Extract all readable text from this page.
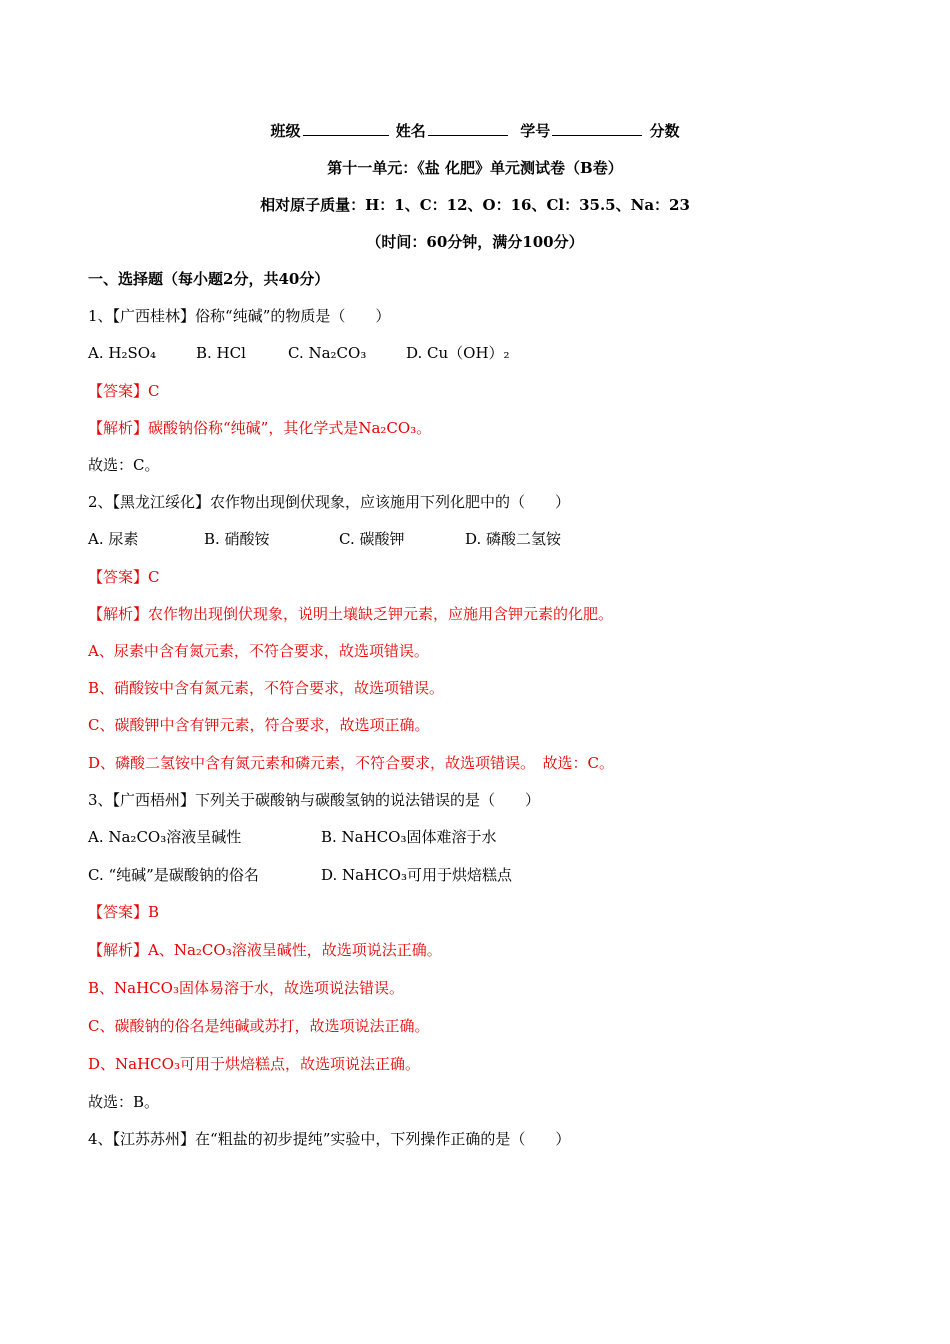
班级	姓名	学号	分数
第十一单元：《盐 化肥》单元测试卷（B卷）
相对原子质量：H：1、C：12、O：16、Cl：35.5、Na：23
（时间：60分钟，满分100分）
一、选择题（每小题2分，共40分）
1、【广西桂林】俗称“纯碱”的物质是（　　）
A. H₂SO₄	B. HCl	C. Na₂CO₃	D. Cu（OH）₂
【答案】C
【解析】碳酸钠俗称“纯碱”，其化学式是Na₂CO₃。
故选：C。
2、【黑龙江绥化】农作物出现倒伏现象，应该施用下列化肥中的（　　）
A. 尿素	B. 硝酸铵	C. 碳酸钾	D. 磷酸二氢铵
【答案】C
【解析】农作物出现倒伏现象，说明土壤缺乏钾元素，应施用含钾元素的化肥。
A、尿素中含有氮元素，不符合要求，故选项错误。
B、硝酸铵中含有氮元素，不符合要求，故选项错误。
C、碳酸钾中含有钾元素，符合要求，故选项正确。
D、磷酸二氢铵中含有氮元素和磷元素，不符合要求，故选项错误。　故选：C。
3、【广西梧州】下列关于碳酸钠与碳酸氢钠的说法错误的是（　　）
A. Na₂CO₃溶液呈碱性	B. NaHCO₃固体难溶于水
C. “纯碱”是碳酸钠的俗名	D. NaHCO₃可用于烘焙糕点
【答案】B
【解析】A、Na₂CO₃溶液呈碱性，故选项说法正确。
B、NaHCO₃固体易溶于水，故选项说法错误。
C、碳酸钠的俗名是纯碱或苏打，故选项说法正确。
D、NaHCO₃可用于烘焙糕点，故选项说法正确。
故选：B。
4、【江苏苏州】在“粗盐的初步提纯”实验中，下列操作正确的是（　　）
